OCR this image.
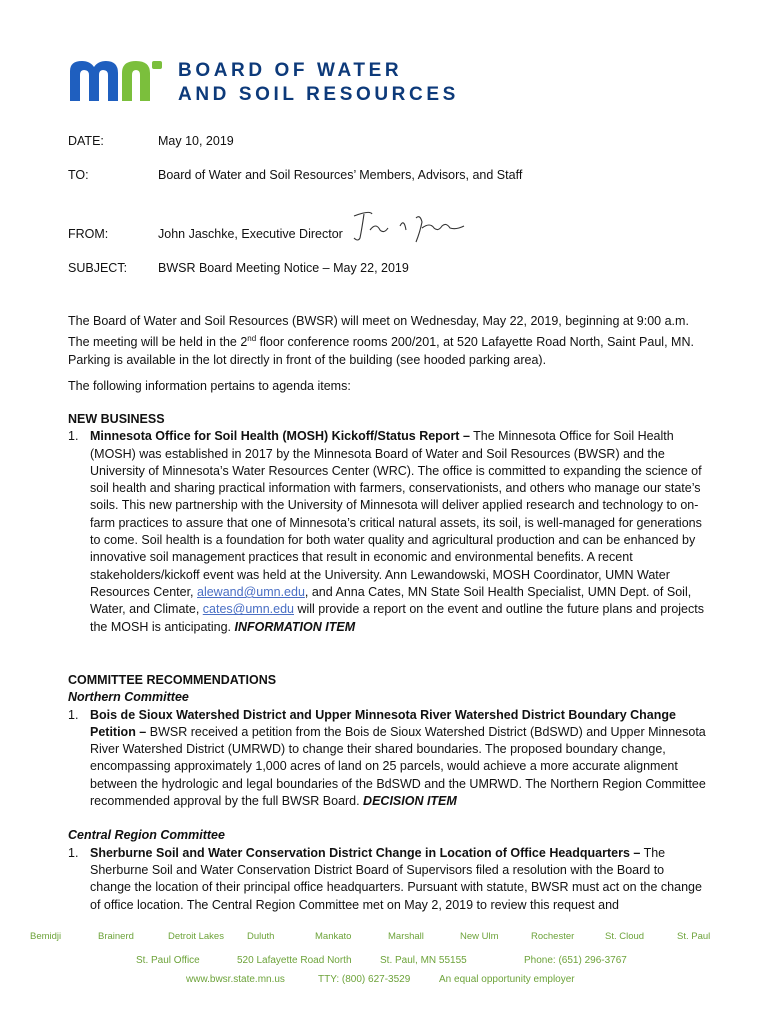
BOARD OF WATER
AND SOIL RESOURCES
DATE:	May 10, 2019
TO:	Board of Water and Soil Resources’ Members, Advisors, and Staff
FROM:	John Jaschke, Executive Director
SUBJECT: BWSR Board Meeting Notice – May 22, 2019

The Board of Water and Soil Resources (BWSR) will meet on Wednesday, May 22, 2019, beginning at 9:00 a.m.

The meeting will be held in the 2nd floor conference rooms 200/201, at 520 Lafayette Road North, Saint Paul, MN.

Parking is available in the lot directly in front of the building (see hooded parking area).

The following information pertains to agenda items:

NEW BUSINESS

1. Minnesota Office for Soil Health (MOSH) Kickoff/Status Report – The Minnesota Office for Soil Health (MOSH) was established in 2017 by the Minnesota Board of Water and Soil Resources (BWSR) and the University of Minnesota’s Water Resources Center (WRC). The office is committed to expanding the science of soil health and sharing practical information with farmers, conservationists, and others who manage our state’s soils. This new partnership with the University of Minnesota will deliver applied research and technology to on-farm practices to assure that one of Minnesota’s critical natural assets, its soil, is well-managed for generations to come. Soil health is a foundation for both water quality and agricultural production and can be enhanced by innovative soil management practices that result in economic and environmental benefits. A recent stakeholders/kickoff event was held at the University. Ann Lewandowski, MOSH Coordinator, UMN Water Resources Center, alewand@umn.edu, and Anna Cates, MN State Soil Health Specialist, UMN Dept. of Soil, Water, and Climate, cates@umn.edu will provide a report on the event and outline the future plans and projects the MOSH is anticipating. INFORMATION ITEM

COMMITTEE RECOMMENDATIONS

Northern Committee

1. Bois de Sioux Watershed District and Upper Minnesota River Watershed District Boundary Change Petition – BWSR received a petition from the Bois de Sioux Watershed District (BdSWD) and Upper Minnesota River Watershed District (UMRWD) to change their shared boundaries. The proposed boundary change, encompassing approximately 1,000 acres of land on 25 parcels, would achieve a more accurate alignment between the hydrologic and legal boundaries of the BdSWD and the UMRWD. The Northern Region Committee recommended approval by the full BWSR Board. DECISION ITEM

Central Region Committee

1. Sherburne Soil and Water Conservation District Change in Location of Office Headquarters – The Sherburne Soil and Water Conservation District Board of Supervisors filed a resolution with the Board to change the location of their principal office headquarters. Pursuant with statute, BWSR must act on the change of office location. The Central Region Committee met on May 2, 2019 to review this request and

Bemidji	Brainerd	Detroit Lakes Duluth	Mankato	Marshall	New Ulm	Rochester	St. Cloud	St. Paul
St. Paul Office	520 Lafayette Road North	St. Paul, MN 55155	Phone: (651) 296-3767
www.bwsr.state.mn.us	TTY: (800) 627-3529	An equal opportunity employer
